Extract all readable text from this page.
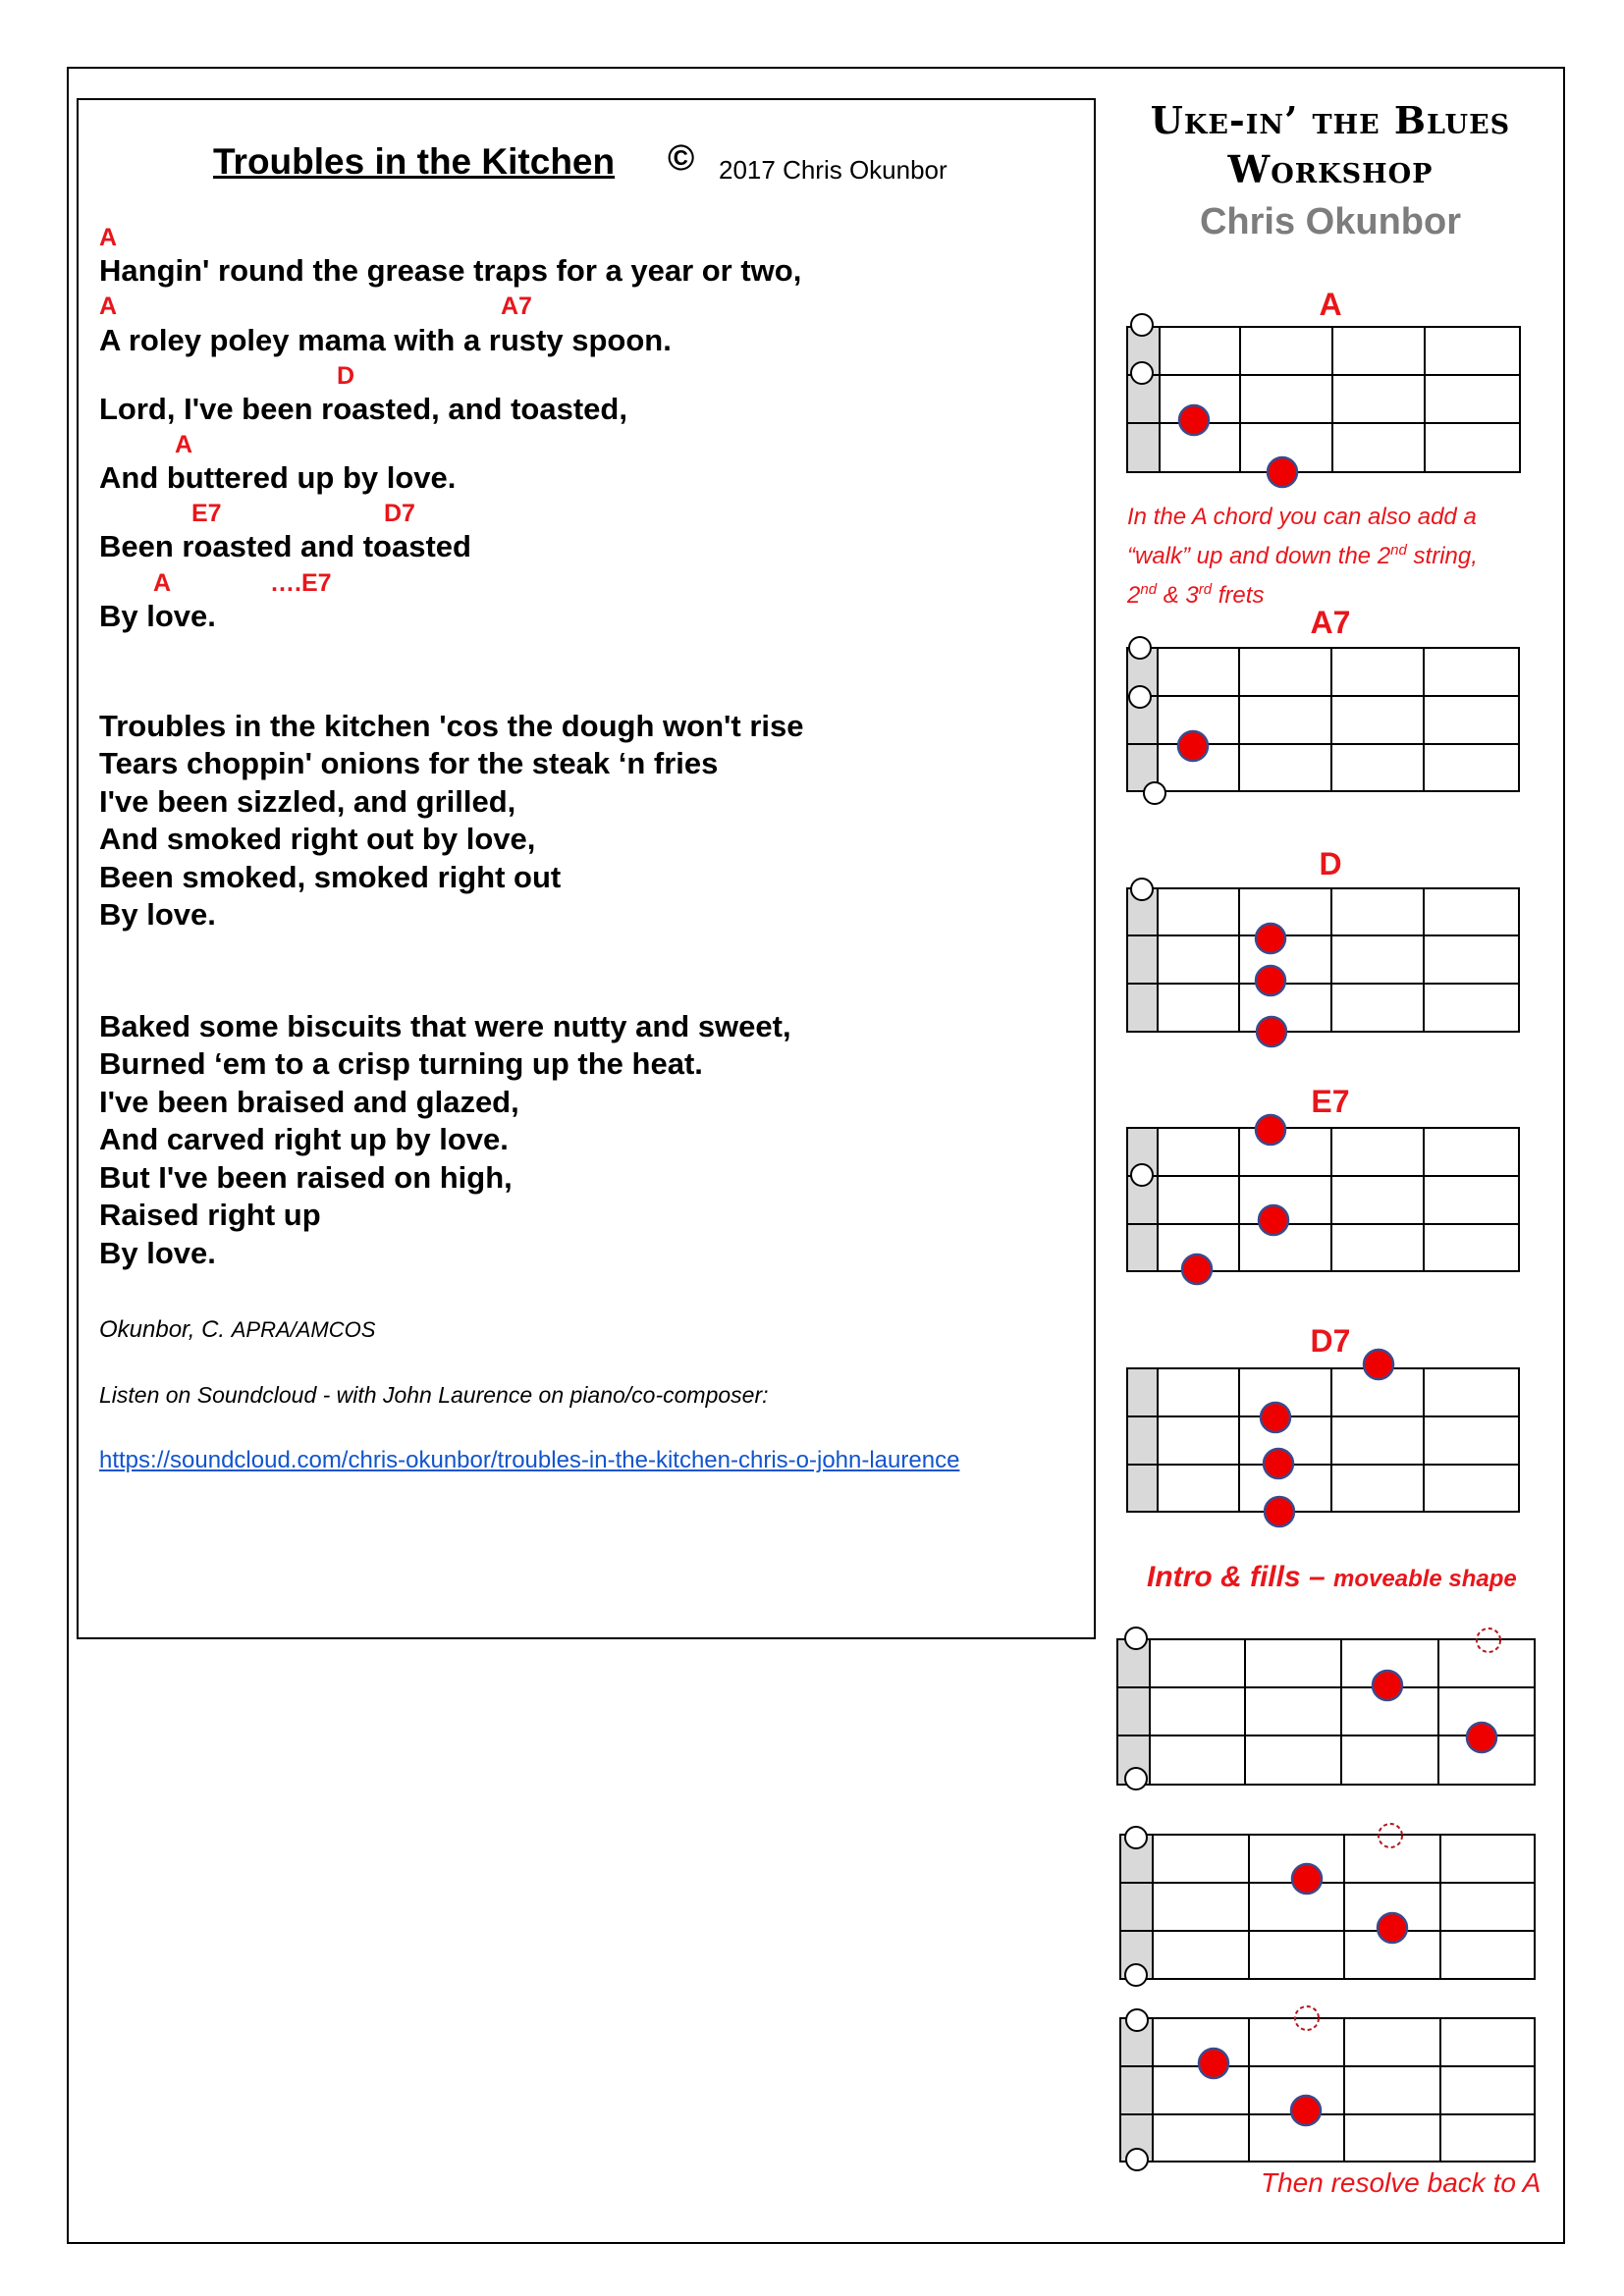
Troubles in the Kitchen © 2017 Chris Okunbor
A
Hangin' round the grease traps for a year or two,
A	A7
A roley poley mama with a rusty spoon.
D
Lord, I've been roasted, and toasted,
A
And buttered up by love.
E7	D7
Been roasted and toasted
A	….E7
By love.
Troubles in the kitchen 'cos the dough won't rise
Tears choppin' onions for the steak ‘n fries
I've been sizzled, and grilled,
And smoked right out by love,
Been smoked, smoked right out
By love.
Baked some biscuits that were nutty and sweet,
Burned ‘em to a crisp turning up the heat.
I've been braised and glazed,
And carved right up by love.
But I've been raised on high,
Raised right up
By love.
Okunbor, C. APRA/AMCOS
Listen on Soundcloud - with John Laurence on piano/co-composer:
https://soundcloud.com/chris-okunbor/troubles-in-the-kitchen-chris-o-john-laurence
Uke-in’ the Blues
Workshop
Chris Okunbor
A
A7
D
E7
D7
In the A chord you can also add a
“walk” up and down the 2nd string,
2nd & 3rd frets
Intro & fills – moveable shape
Then resolve back to A
